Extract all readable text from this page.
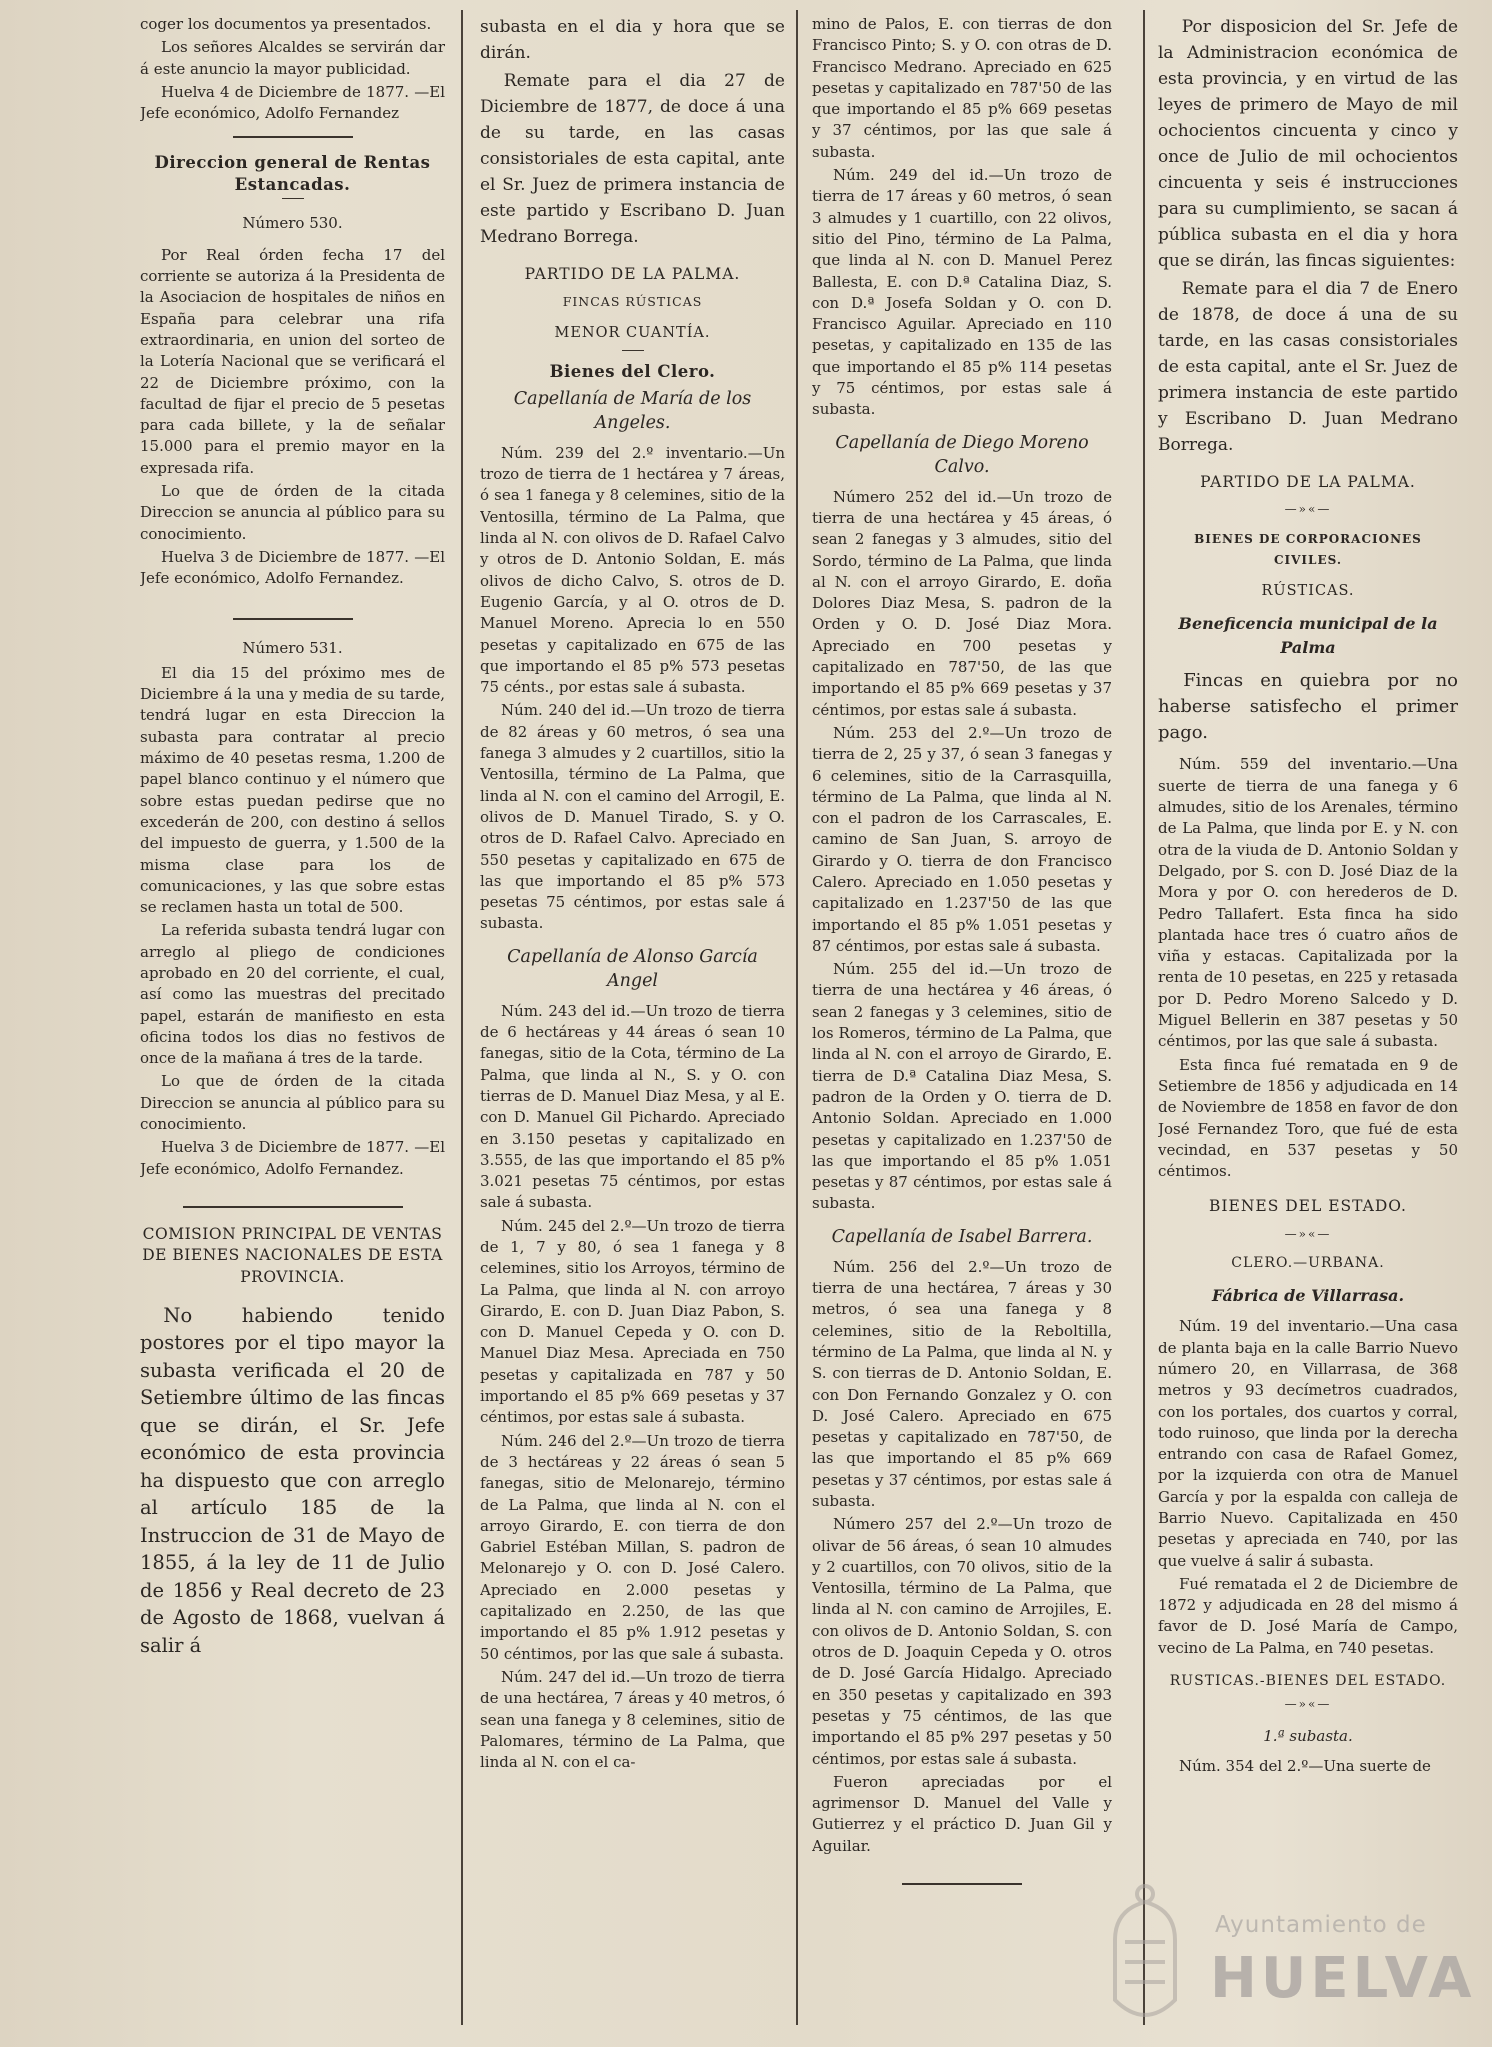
coger los documentos ya presentados.

Los señores Alcaldes se servirán dar á este anuncio la mayor publicidad.

Huelva 4 de Diciembre de 1877. —El Jefe económico, Adolfo Fernandez

Direccion general de Rentas Estancadas.

Número 530.

Por Real órden fecha 17 del corriente se autoriza á la Presidenta de la Asociacion de hospitales de niños en España para celebrar una rifa extraordinaria, en union del sorteo de la Lotería Nacional que se verificará el 22 de Diciembre próximo, con la facultad de fijar el precio de 5 pesetas para cada billete, y la de señalar 15.000 para el premio mayor en la expresada rifa.

Lo que de órden de la citada Direccion se anuncia al público para su conocimiento.

Huelva 3 de Diciembre de 1877. —El Jefe económico, Adolfo Fernandez.

Número 531.

El dia 15 del próximo mes de Diciembre á la una y media de su tarde, tendrá lugar en esta Direccion la subasta para contratar al precio máximo de 40 pesetas resma, 1.200 de papel blanco continuo y el número que sobre estas puedan pedirse que no excederán de 200, con destino á sellos del impuesto de guerra, y 1.500 de la misma clase para los de comunicaciones, y las que sobre estas se reclamen hasta un total de 500.

La referida subasta tendrá lugar con arreglo al pliego de condiciones aprobado en 20 del corriente, el cual, así como las muestras del precitado papel, estarán de manifiesto en esta oficina todos los dias no festivos de once de la mañana á tres de la tarde.

Lo que de órden de la citada Direccion se anuncia al público para su conocimiento.

Huelva 3 de Diciembre de 1877. —El Jefe económico, Adolfo Fernandez.

COMISION PRINCIPAL DE VENTAS DE BIENES NACIONALES DE ESTA PROVINCIA.

No habiendo tenido postores por el tipo mayor la subasta verificada el 20 de Setiembre último de las fincas que se dirán, el Sr. Jefe económico de esta provincia ha dispuesto que con arreglo al artículo 185 de la Instruccion de 31 de Mayo de 1855, á la ley de 11 de Julio de 1856 y Real decreto de 23 de Agosto de 1868, vuelvan á salir á

subasta en el dia y hora que se dirán.

Remate para el dia 27 de Diciembre de 1877, de doce á una de su tarde, en las casas consistoriales de esta capital, ante el Sr. Juez de primera instancia de este partido y Escribano D. Juan Medrano Borrega.

PARTIDO DE LA PALMA.
FINCAS RÚSTICAS
MENOR CUANTÍA.
Bienes del Clero.
Capellanía de María de los Angeles.

Núm. 239 del 2.º inventario.—Un trozo de tierra de 1 hectárea y 7 áreas, ó sea 1 fanega y 8 celemines, sitio de la Ventosilla, término de La Palma, que linda al N. con olivos de D. Rafael Calvo y otros de D. Antonio Soldan, E. más olivos de dicho Calvo, S. otros de D. Eugenio García, y al O. otros de D. Manuel Moreno. Aprecia lo en 550 pesetas y capitalizado en 675 de las que importando el 85 p% 573 pesetas 75 cénts., por estas sale á subasta.

Núm. 240 del id.—Un trozo de tierra de 82 áreas y 60 metros, ó sea una fanega 3 almudes y 2 cuartillos, sitio la Ventosilla, término de La Palma, que linda al N. con el camino del Arrogil, E. olivos de D. Manuel Tirado, S. y O. otros de D. Rafael Calvo. Apreciado en 550 pesetas y capitalizado en 675 de las que importando el 85 p% 573 pesetas 75 céntimos, por estas sale á subasta.

Capellanía de Alonso García Angel

Núm. 243 del id.—Un trozo de tierra de 6 hectáreas y 44 áreas ó sean 10 fanegas, sitio de la Cota, término de La Palma, que linda al N., S. y O. con tierras de D. Manuel Diaz Mesa, y al E. con D. Manuel Gil Pichardo. Apreciado en 3.150 pesetas y capitalizado en 3.555, de las que importando el 85 p% 3.021 pesetas 75 céntimos, por estas sale á subasta.

Núm. 245 del 2.º—Un trozo de tierra de 1, 7 y 80, ó sea 1 fanega y 8 celemines, sitio los Arroyos, término de La Palma, que linda al N. con arroyo Girardo, E. con D. Juan Diaz Pabon, S. con D. Manuel Cepeda y O. con D. Manuel Diaz Mesa. Apreciada en 750 pesetas y capitalizada en 787 y 50 importando el 85 p% 669 pesetas y 37 céntimos, por estas sale á subasta.

Núm. 246 del 2.º—Un trozo de tierra de 3 hectáreas y 22 áreas ó sean 5 fanegas, sitio de Melonarejo, término de La Palma, que linda al N. con el arroyo Girardo, E. con tierra de don Gabriel Estéban Millan, S. padron de Melonarejo y O. con D. José Calero. Apreciado en 2.000 pesetas y capitalizado en 2.250, de las que importando el 85 p% 1.912 pesetas y 50 céntimos, por las que sale á subasta.

Núm. 247 del id.—Un trozo de tierra de una hectárea, 7 áreas y 40 metros, ó sean una fanega y 8 celemines, sitio de Palomares, término de La Palma, que linda al N. con el ca-

mino de Palos, E. con tierras de don Francisco Pinto; S. y O. con otras de D. Francisco Medrano. Apreciado en 625 pesetas y capitalizado en 787'50 de las que importando el 85 p% 669 pesetas y 37 céntimos, por las que sale á subasta.

Núm. 249 del id.—Un trozo de tierra de 17 áreas y 60 metros, ó sean 3 almudes y 1 cuartillo, con 22 olivos, sitio del Pino, término de La Palma, que linda al N. con D. Manuel Perez Ballesta, E. con D.ª Catalina Diaz, S. con D.ª Josefa Soldan y O. con D. Francisco Aguilar. Apreciado en 110 pesetas, y capitalizado en 135 de las que importando el 85 p% 114 pesetas y 75 céntimos, por estas sale á subasta.

Capellanía de Diego Moreno Calvo.

Número 252 del id.—Un trozo de tierra de una hectárea y 45 áreas, ó sean 2 fanegas y 3 almudes, sitio del Sordo, término de La Palma, que linda al N. con el arroyo Girardo, E. doña Dolores Diaz Mesa, S. padron de la Orden y O. D. José Diaz Mora. Apreciado en 700 pesetas y capitalizado en 787'50, de las que importando el 85 p% 669 pesetas y 37 céntimos, por estas sale á subasta.

Núm. 253 del 2.º—Un trozo de tierra de 2, 25 y 37, ó sean 3 fanegas y 6 celemines, sitio de la Carrasquilla, término de La Palma, que linda al N. con el padron de los Carrascales, E. camino de San Juan, S. arroyo de Girardo y O. tierra de don Francisco Calero. Apreciado en 1.050 pesetas y capitalizado en 1.237'50 de las que importando el 85 p% 1.051 pesetas y 87 céntimos, por estas sale á subasta.

Núm. 255 del id.—Un trozo de tierra de una hectárea y 46 áreas, ó sean 2 fanegas y 3 celemines, sitio de los Romeros, término de La Palma, que linda al N. con el arroyo de Girardo, E. tierra de D.ª Catalina Diaz Mesa, S. padron de la Orden y O. tierra de D. Antonio Soldan. Apreciado en 1.000 pesetas y capitalizado en 1.237'50 de las que importando el 85 p% 1.051 pesetas y 87 céntimos, por estas sale á subasta.

Capellanía de Isabel Barrera.

Núm. 256 del 2.º—Un trozo de tierra de una hectárea, 7 áreas y 30 metros, ó sea una fanega y 8 celemines, sitio de la Reboltilla, término de La Palma, que linda al N. y S. con tierras de D. Antonio Soldan, E. con Don Fernando Gonzalez y O. con D. José Calero. Apreciado en 675 pesetas y capitalizado en 787'50, de las que importando el 85 p% 669 pesetas y 37 céntimos, por estas sale á subasta.

Número 257 del 2.º—Un trozo de olivar de 56 áreas, ó sean 10 almudes y 2 cuartillos, con 70 olivos, sitio de la Ventosilla, término de La Palma, que linda al N. con camino de Arrojiles, E. con olivos de D. Antonio Soldan, S. con otros de D. Joaquin Cepeda y O. otros de D. José García Hidalgo. Apreciado en 350 pesetas y capitalizado en 393 pesetas y 75 céntimos, de las que importando el 85 p% 297 pesetas y 50 céntimos, por estas sale á subasta.

Fueron apreciadas por el agrimensor D. Manuel del Valle y Gutierrez y el práctico D. Juan Gil y Aguilar.

Por disposicion del Sr. Jefe de la Administracion económica de esta provincia, y en virtud de las leyes de primero de Mayo de mil ochocientos cincuenta y cinco y once de Julio de mil ochocientos cincuenta y seis é instrucciones para su cumplimiento, se sacan á pública subasta en el dia y hora que se dirán, las fincas siguientes:

Remate para el dia 7 de Enero de 1878, de doce á una de su tarde, en las casas consistoriales de esta capital, ante el Sr. Juez de primera instancia de este partido y Escribano D. Juan Medrano Borrega.

PARTIDO DE LA PALMA.
—»«—
BIENES DE CORPORACIONES CIVILES.
RÚSTICAS.
Beneficencia municipal de la Palma

Fincas en quiebra por no haberse satisfecho el primer pago.

Núm. 559 del inventario.—Una suerte de tierra de una fanega y 6 almudes, sitio de los Arenales, término de La Palma, que linda por E. y N. con otra de la viuda de D. Antonio Soldan y Delgado, por S. con D. José Diaz de la Mora y por O. con herederos de D. Pedro Tallafert. Esta finca ha sido plantada hace tres ó cuatro años de viña y estacas. Capitalizada por la renta de 10 pesetas, en 225 y retasada por D. Pedro Moreno Salcedo y D. Miguel Bellerin en 387 pesetas y 50 céntimos, por las que sale á subasta.

Esta finca fué rematada en 9 de Setiembre de 1856 y adjudicada en 14 de Noviembre de 1858 en favor de don José Fernandez Toro, que fué de esta vecindad, en 537 pesetas y 50 céntimos.

BIENES DEL ESTADO.
—»«—
CLERO.—URBANA.
Fábrica de Villarrasa.

Núm. 19 del inventario.—Una casa de planta baja en la calle Barrio Nuevo número 20, en Villarrasa, de 368 metros y 93 decímetros cuadrados, con los portales, dos cuartos y corral, todo ruinoso, que linda por la derecha entrando con casa de Rafael Gomez, por la izquierda con otra de Manuel García y por la espalda con calleja de Barrio Nuevo. Capitalizada en 450 pesetas y apreciada en 740, por las que vuelve á salir á subasta.

Fué rematada el 2 de Diciembre de 1872 y adjudicada en 28 del mismo á favor de D. José María de Campo, vecino de La Palma, en 740 pesetas.

RUSTICAS.-BIENES DEL ESTADO.
—»«—
1.ª subasta.

Núm. 354 del 2.º—Una suerte de

Ayuntamiento de
HUELVA
